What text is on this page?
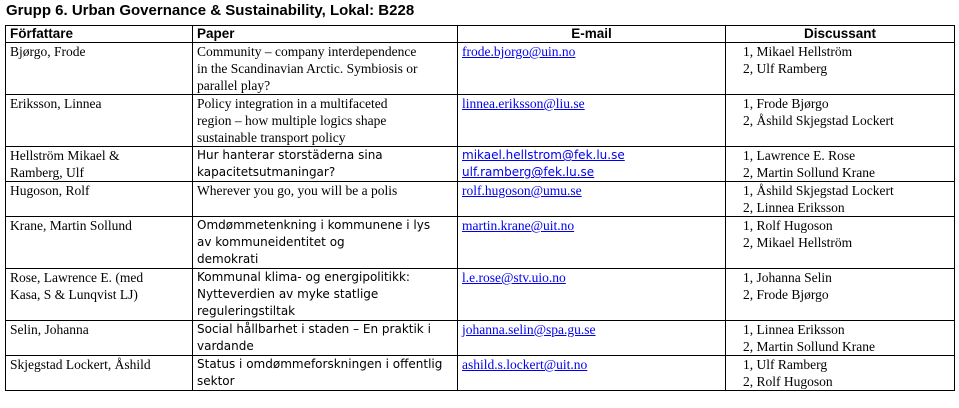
Grupp 6. Urban Governance & Sustainability, Lokal: B228
Författare	Paper	E-mail	Discussant

Bjørgo, Frode	Community – company interdependence
in the Scandinavian Arctic. Symbiosis or
parallel play?	frode.bjorgo@uin.no	1, Mikael Hellström
2, Ulf Ramberg

Eriksson, Linnea	Policy integration in a multifaceted
region – how multiple logics shape
sustainable transport policy	linnea.eriksson@liu.se	1, Frode Bjørgo
2, Åshild Skjegstad Lockert

Hellström Mikael &
Ramberg, Ulf	Hur hanterar storstäderna sina
kapacitetsutmaningar?	mikael.hellstrom@fek.lu.se
ulf.ramberg@fek.lu.se	1, Lawrence E. Rose
2, Martin Sollund Krane

Hugoson, Rolf	Wherever you go, you will be a polis	rolf.hugoson@umu.se	1, Åshild Skjegstad Lockert
2, Linnea Eriksson

Krane, Martin Sollund	Omdømmetenkning i kommunene i lys
av kommuneidentitet og
demokrati	martin.krane@uit.no	1, Rolf Hugoson
2, Mikael Hellström

Rose, Lawrence E. (med
Kasa, S & Lunqvist LJ)	Kommunal klima- og energipolitikk:
Nytteverdien av myke statlige
reguleringstiltak	l.e.rose@stv.uio.no	1, Johanna Selin
2, Frode Bjørgo

Selin, Johanna	Social hållbarhet i staden – En praktik i
vardande	johanna.selin@spa.gu.se	1, Linnea Eriksson
2, Martin Sollund Krane

Skjegstad Lockert, Åshild	Status i omdømmeforskningen i offentlig
sektor	ashild.s.lockert@uit.no	1, Ulf Ramberg
2, Rolf Hugoson
